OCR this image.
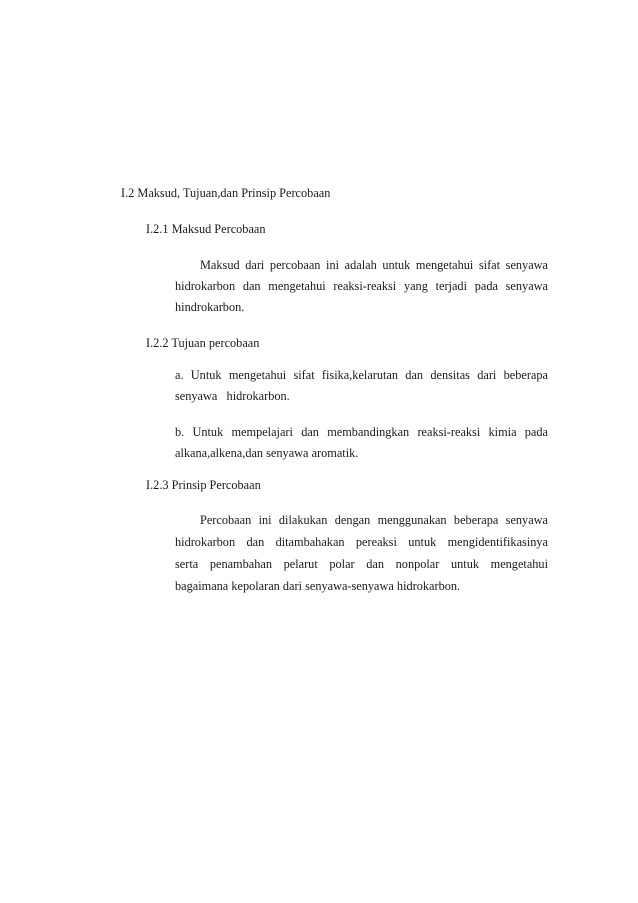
I.2 Maksud, Tujuan,dan Prinsip Percobaan
I.2.1 Maksud Percobaan
Maksud dari percobaan ini adalah untuk mengetahui sifat senyawa
hidrokarbon dan mengetahui reaksi-reaksi yang terjadi pada senyawa
hindrokarbon.
I.2.2 Tujuan percobaan
a. Untuk mengetahui sifat fisika,kelarutan dan densitas dari beberapa
senyawa   hidrokarbon.
b. Untuk mempelajari dan membandingkan reaksi-reaksi kimia pada
alkana,alkena,dan senyawa aromatik.
I.2.3 Prinsip Percobaan
Percobaan ini dilakukan dengan menggunakan beberapa senyawa
hidrokarbon dan ditambahakan pereaksi untuk mengidentifikasinya
serta penambahan pelarut polar dan nonpolar untuk mengetahui
bagaimana kepolaran dari senyawa-senyawa hidrokarbon.
